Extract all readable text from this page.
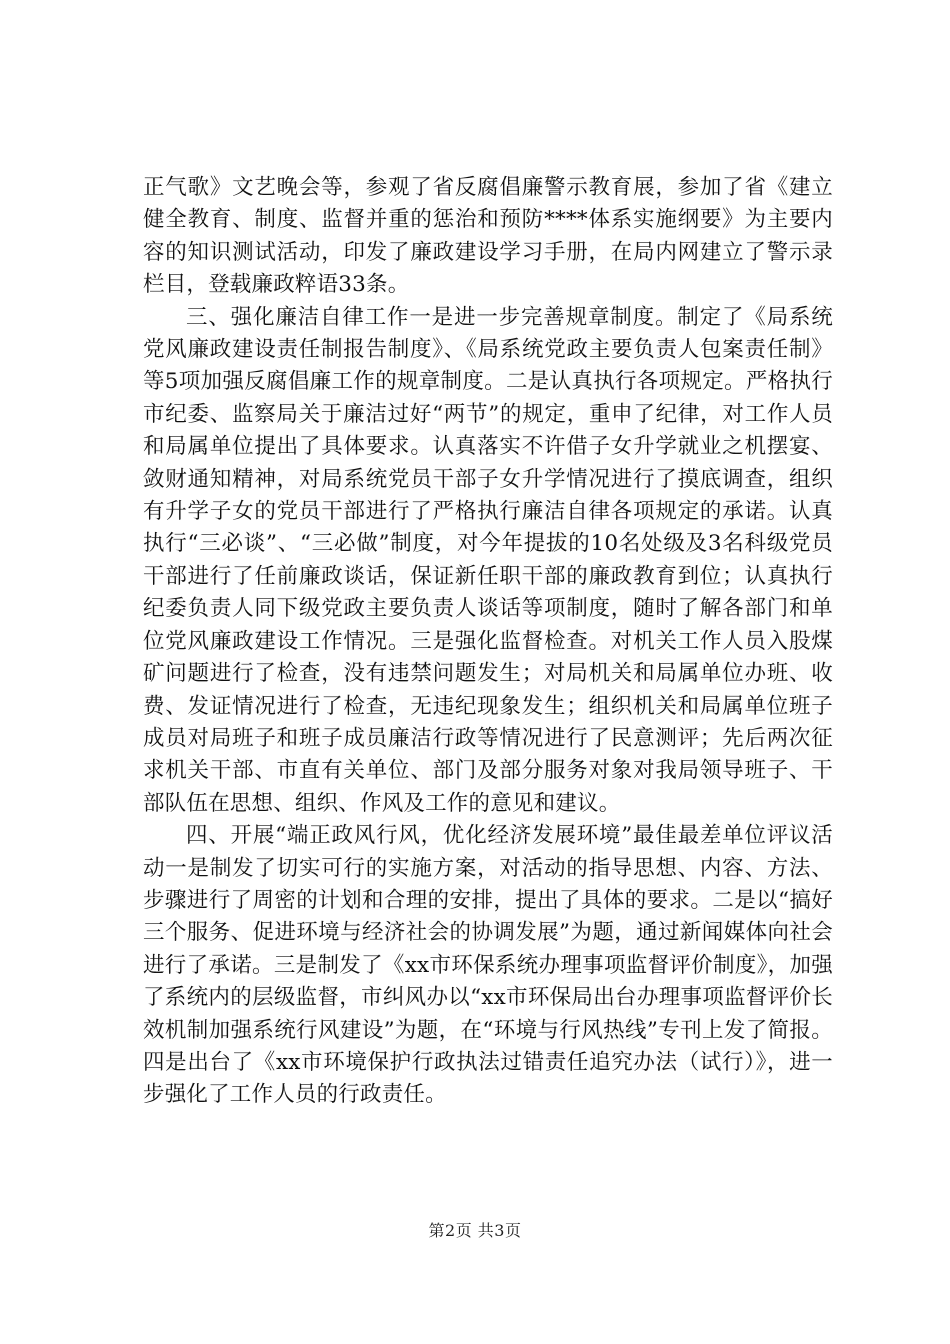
正气歌》文艺晚会等，参观了省反腐倡廉警示教育展，参加了省《建立健全教育、制度、监督并重的惩治和预防****体系实施纲要》为主要内容的知识测试活动，印发了廉政建设学习手册，在局内网建立了警示录栏目，登载廉政粹语33条。

三、强化廉洁自律工作一是进一步完善规章制度。制定了《局系统党风廉政建设责任制报告制度》、《局系统党政主要负责人包案责任制》等5项加强反腐倡廉工作的规章制度。二是认真执行各项规定。严格执行市纪委、监察局关于廉洁过好“两节”的规定，重申了纪律，对工作人员和局属单位提出了具体要求。认真落实不许借子女升学就业之机摆宴、敛财通知精神，对局系统党员干部子女升学情况进行了摸底调查，组织有升学子女的党员干部进行了严格执行廉洁自律各项规定的承诺。认真执行“三必谈”、“三必做”制度，对今年提拔的10名处级及3名科级党员干部进行了任前廉政谈话，保证新任职干部的廉政教育到位；认真执行纪委负责人同下级党政主要负责人谈话等项制度，随时了解各部门和单位党风廉政建设工作情况。三是强化监督检查。对机关工作人员入股煤矿问题进行了检查，没有违禁问题发生；对局机关和局属单位办班、收费、发证情况进行了检查，无违纪现象发生；组织机关和局属单位班子成员对局班子和班子成员廉洁行政等情况进行了民意测评；先后两次征求机关干部、市直有关单位、部门及部分服务对象对我局领导班子、干部队伍在思想、组织、作风及工作的意见和建议。

四、开展“端正政风行风，优化经济发展环境”最佳最差单位评议活动一是制发了切实可行的实施方案，对活动的指导思想、内容、方法、步骤进行了周密的计划和合理的安排，提出了具体的要求。二是以“搞好三个服务、促进环境与经济社会的协调发展”为题，通过新闻媒体向社会进行了承诺。三是制发了《xx市环保系统办理事项监督评价制度》，加强了系统内的层级监督，市纠风办以“xx市环保局出台办理事项监督评价长效机制加强系统行风建设”为题，在“环境与行风热线”专刊上发了简报。四是出台了《xx市环境保护行政执法过错责任追究办法（试行）》，进一步强化了工作人员的行政责任。

第2页 共3页
